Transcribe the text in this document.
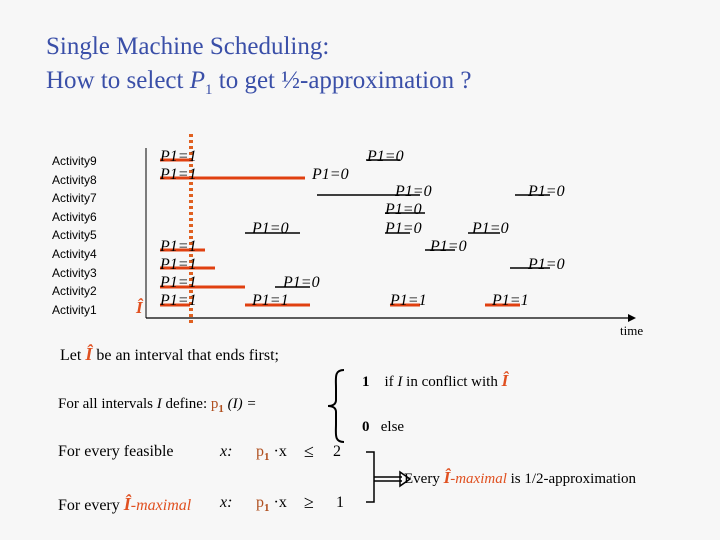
Single Machine Scheduling:
How to select $P_1$ to get ½-approximation ?
Activity9
Activity8
Activity7
Activity6
Activity5
Activity4
Activity3
Activity2
Activity1
P1=1	P1=0
P1=1	P1=0
P1=0	P1=0
P1=0
P1=0	P1=0	P1=0
P1=1	P1=0
P1=1	P1=0
P1=1	P1=0
P1=1	P1=1	P1=1	P1=1
Î
time
Let Î be an interval that ends first;
For all intervals I define: $p_1$ (I) =
1 if I in conflict with Î
0 else
For every feasible	x: $p_1 \cdot x \le 2$
For every Î-maximal x: $p_1 \cdot x \ge 1$
Every Î-maximal is 1/2-approximation
